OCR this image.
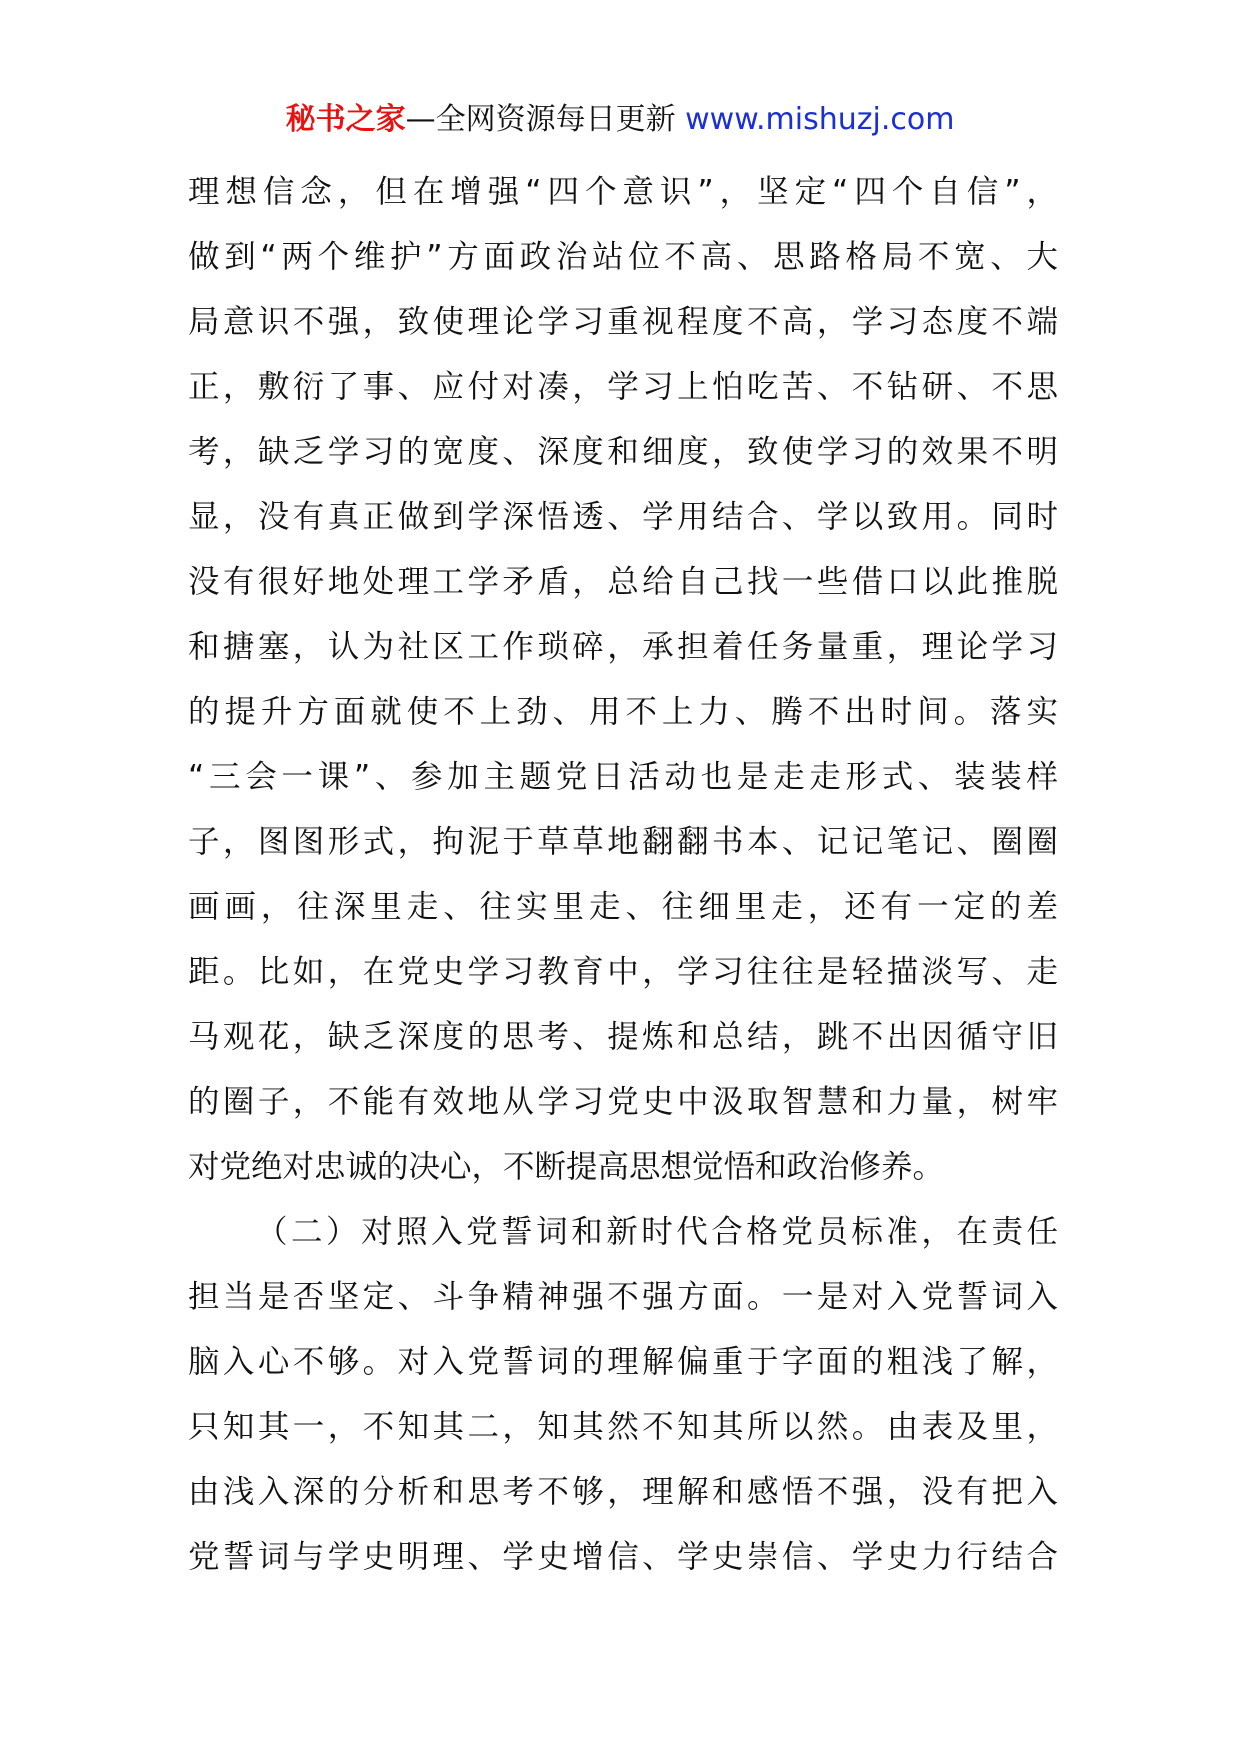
秘书之家—全网资源每日更新 www.mishuzj.com
理想信念，但在增强“四个意识”，坚定“四个自信”，
做到“两个维护”方面政治站位不高、思路格局不宽、大
局意识不强，致使理论学习重视程度不高，学习态度不端
正，敷衍了事、应付对凑，学习上怕吃苦、不钻研、不思
考，缺乏学习的宽度、深度和细度，致使学习的效果不明
显，没有真正做到学深悟透、学用结合、学以致用。同时
没有很好地处理工学矛盾，总给自己找一些借口以此推脱
和搪塞，认为社区工作琐碎，承担着任务量重，理论学习
的提升方面就使不上劲、用不上力、腾不出时间。落实
“三会一课”、参加主题党日活动也是走走形式、装装样
子，图图形式，拘泥于草草地翻翻书本、记记笔记、圈圈
画画，往深里走、往实里走、往细里走，还有一定的差
距。比如，在党史学习教育中，学习往往是轻描淡写、走
马观花，缺乏深度的思考、提炼和总结，跳不出因循守旧
的圈子，不能有效地从学习党史中汲取智慧和力量，树牢
对党绝对忠诚的决心，不断提高思想觉悟和政治修养。
（二）对照入党誓词和新时代合格党员标准，在责任
担当是否坚定、斗争精神强不强方面。一是对入党誓词入
脑入心不够。对入党誓词的理解偏重于字面的粗浅了解，
只知其一，不知其二，知其然不知其所以然。由表及里，
由浅入深的分析和思考不够，理解和感悟不强，没有把入
党誓词与学史明理、学史增信、学史崇信、学史力行结合
